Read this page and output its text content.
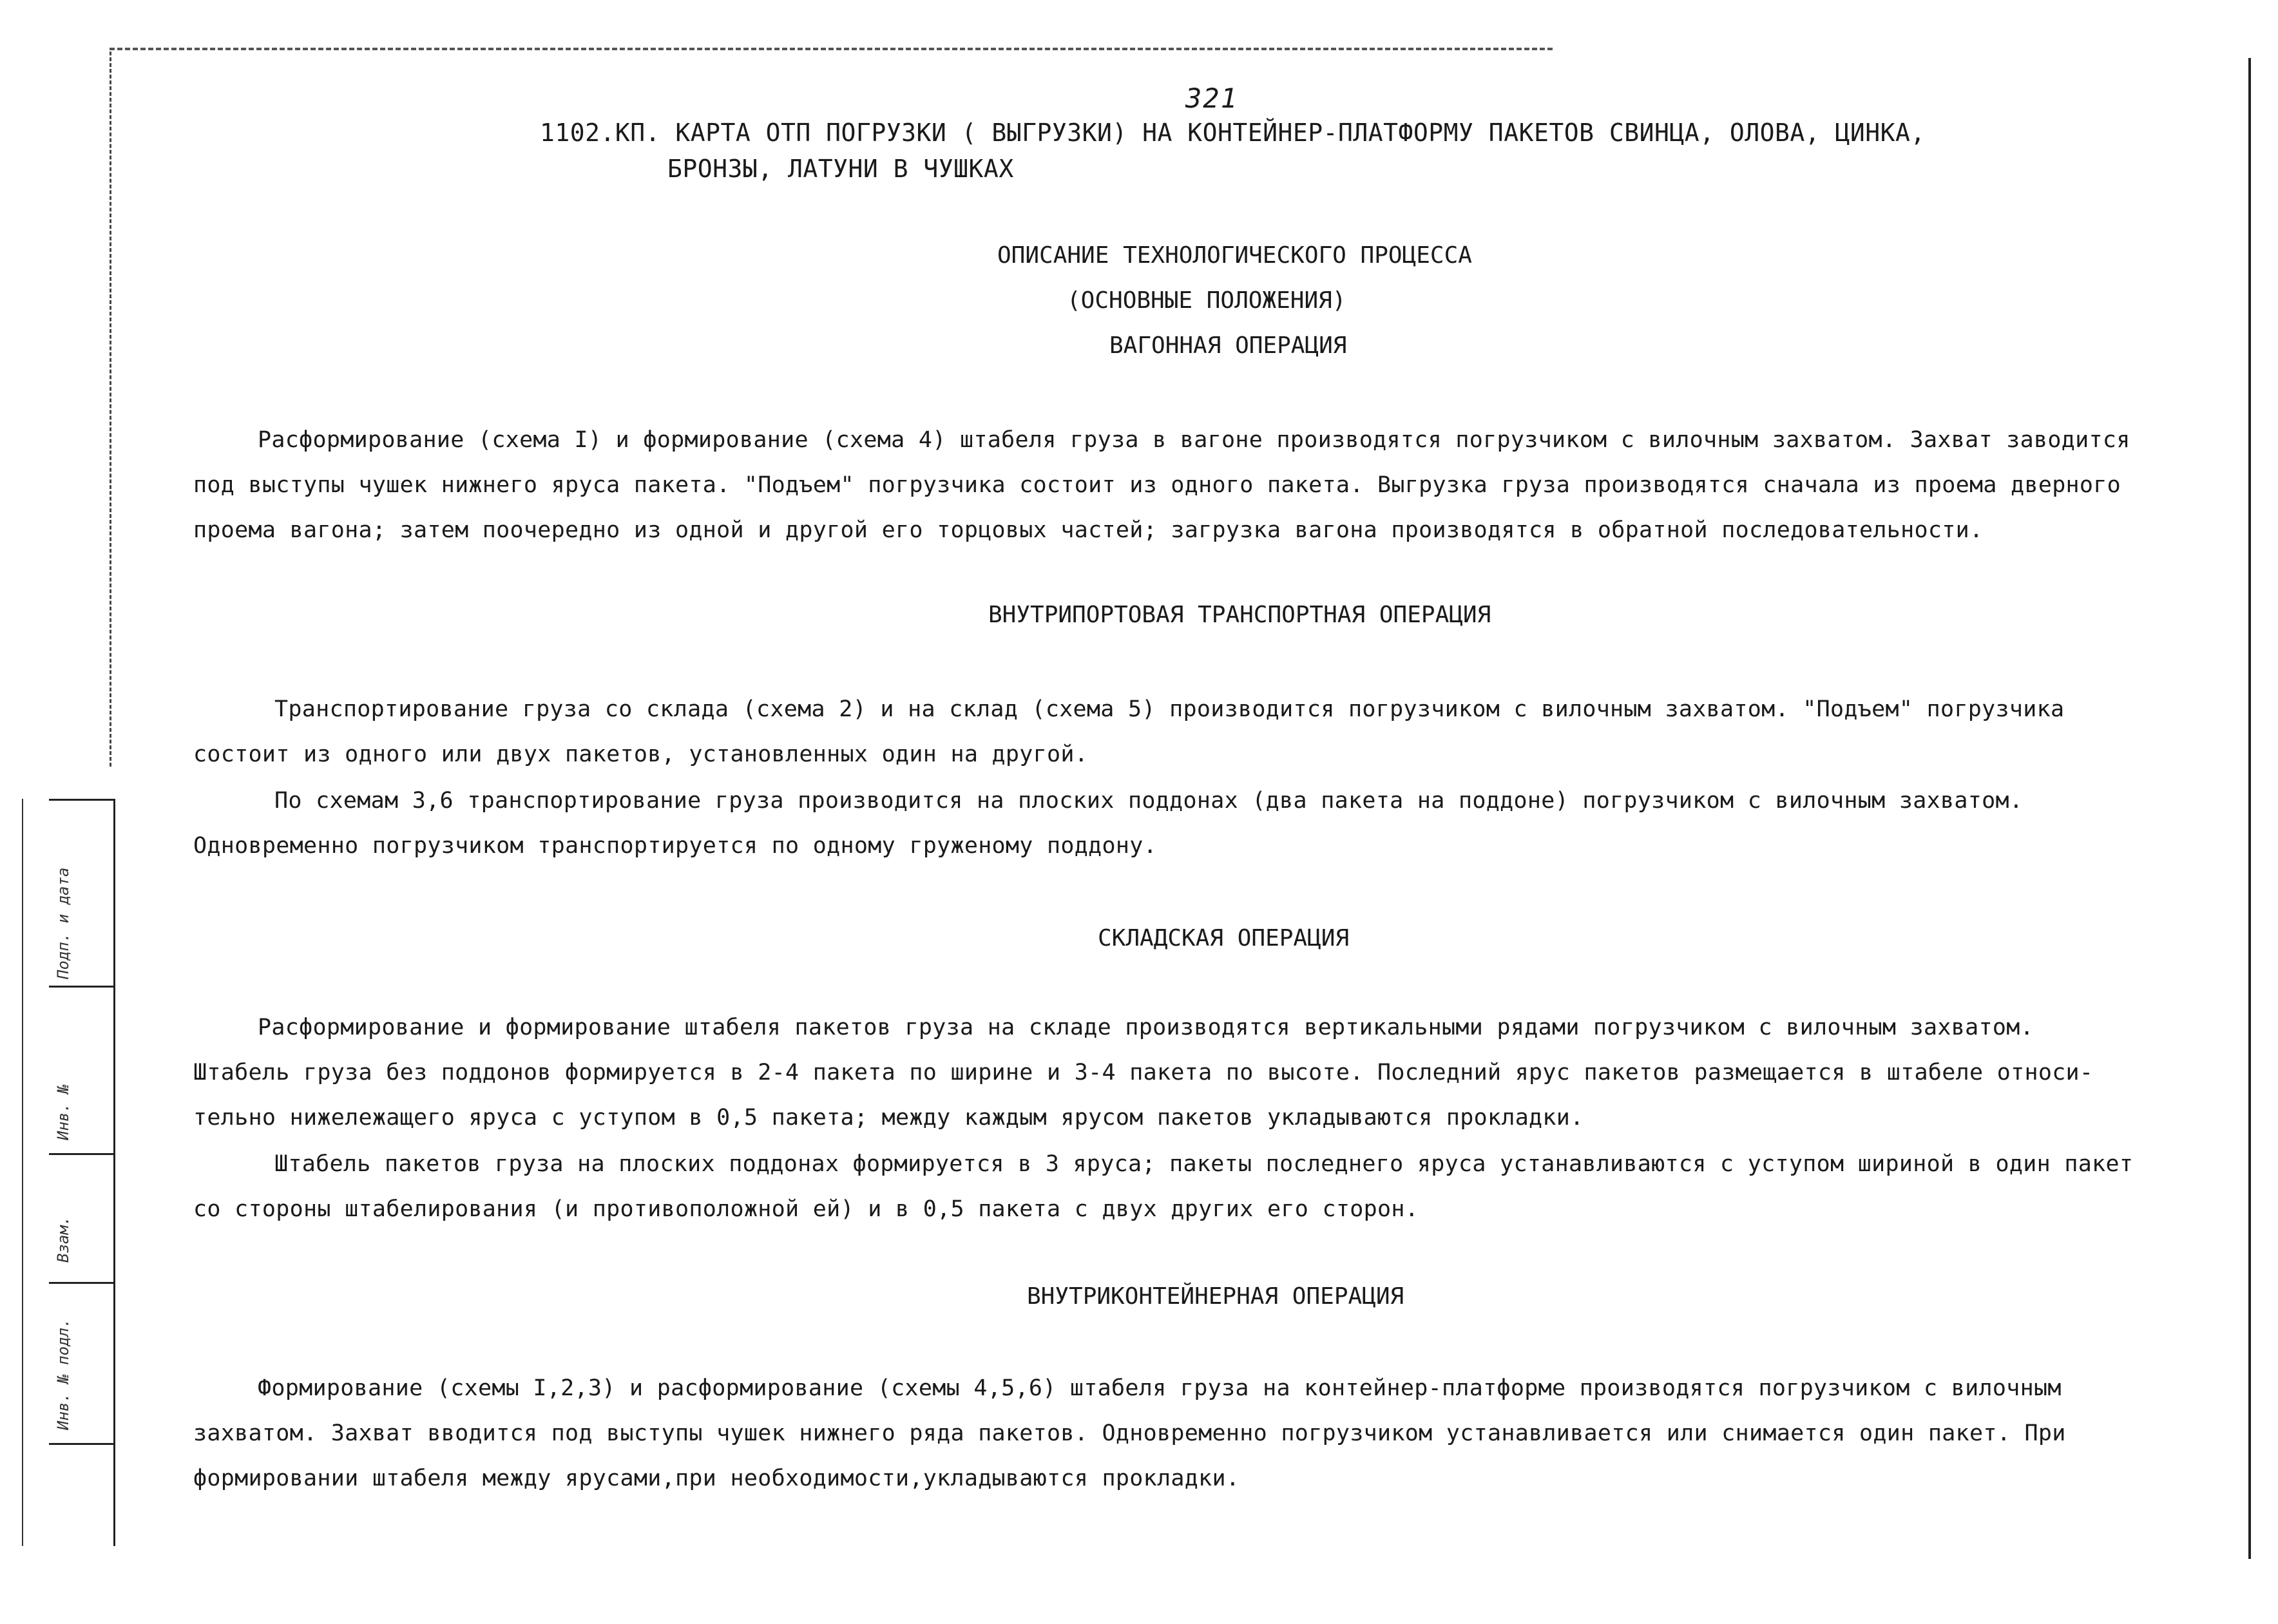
321
1102.КП. КАРТА ОТП ПОГРУЗКИ ( ВЫГРУЗКИ) НА КОНТЕЙНЕР-ПЛАТФОРМУ ПАКЕТОВ СВИНЦА, ОЛОВА, ЦИНКА,
БРОНЗЫ, ЛАТУНИ В ЧУШКАХ
ОПИСАНИЕ ТЕХНОЛОГИЧЕСКОГО ПРОЦЕССА
(ОСНОВНЫЕ ПОЛОЖЕНИЯ)
ВАГОННАЯ ОПЕРАЦИЯ
Расформирование (схема I) и формирование (схема 4) штабеля груза в вагоне производятся погрузчиком с вилочным захватом. Захват заводится
под выступы чушек нижнего яруса пакета. "Подъем" погрузчика состоит из одного пакета. Выгрузка груза производятся сначала из проема дверного
проема вагона; затем поочередно из одной и другой его торцовых частей; загрузка вагона производятся в обратной последовательности.
ВНУТРИПОРТОВАЯ ТРАНСПОРТНАЯ ОПЕРАЦИЯ
Транспортирование груза со склада (схема 2) и на склад (схема 5) производится погрузчиком с вилочным захватом. "Подъем" погрузчика
состоит из одного или двух пакетов, установленных один на другой.
По схемам 3,6 транспортирование груза производится на плоских поддонах (два пакета на поддоне) погрузчиком с вилочным захватом.
Одновременно погрузчиком транспортируется по одному груженому поддону.
СКЛАДСКАЯ ОПЕРАЦИЯ
Расформирование и формирование штабеля пакетов груза на складе производятся вертикальными рядами погрузчиком с вилочным захватом.
Штабель груза без поддонов формируется в 2-4 пакета по ширине и 3-4 пакета по высоте. Последний ярус пакетов размещается в штабеле относи-
тельно нижележащего яруса с уступом в 0,5 пакета; между каждым ярусом пакетов укладываются прокладки.
Штабель пакетов груза на плоских поддонах формируется в 3 яруса; пакеты последнего яруса устанавливаются с уступом шириной в один пакет
со стороны штабелирования (и противоположной ей) и в 0,5 пакета с двух других его сторон.
ВНУТРИКОНТЕЙНЕРНАЯ ОПЕРАЦИЯ
Формирование (схемы I,2,3) и расформирование (схемы 4,5,6) штабеля груза на контейнер-платформе производятся погрузчиком с вилочным
захватом. Захват вводится под выступы чушек нижнего ряда пакетов. Одновременно погрузчиком устанавливается или снимается один пакет. При
формировании штабеля между ярусами,при необходимости,укладываются прокладки.
Подп. и дата
Инв. №
Взам.
Инв. № подл.
